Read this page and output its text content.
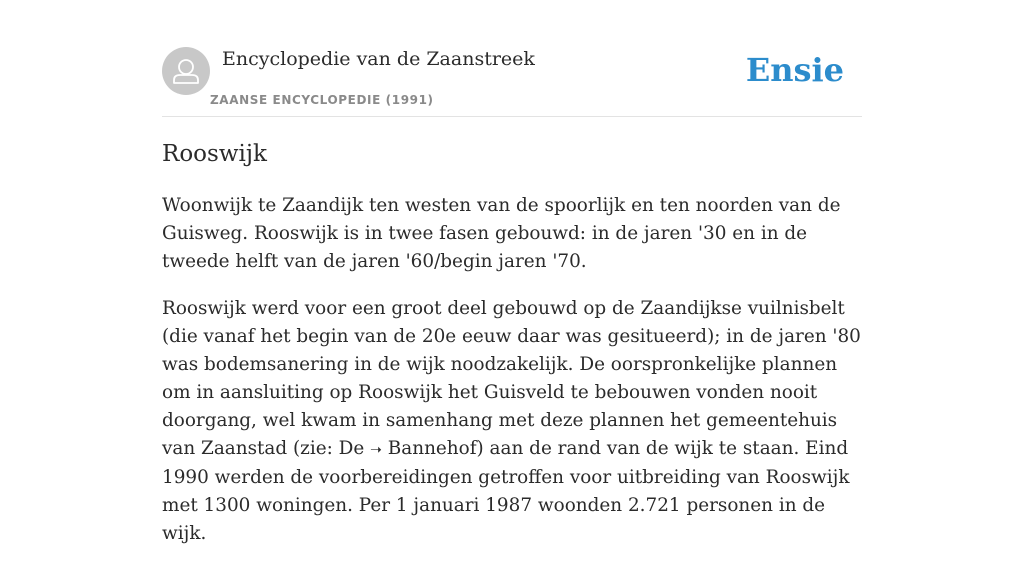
Encyclopedie van de Zaanstreek
ZAANSE ENCYCLOPEDIE (1991)
Ensie
Rooswijk

Woonwijk te Zaandijk ten westen van de spoorlijk en ten noorden van de Guisweg. Rooswijk is in twee fasen gebouwd: in de jaren '30 en in de tweede helft van de jaren '60/begin jaren '70.

Rooswijk werd voor een groot deel gebouwd op de Zaandijkse vuilnisbelt (die vanaf het begin van de 20e eeuw daar was gesitueerd); in de jaren '80 was bodemsanering in de wijk noodzakelijk. De oorspronkelijke plannen om in aansluiting op Rooswijk het Guisveld te bebouwen vonden nooit doorgang, wel kwam in samenhang met deze plannen het gemeentehuis van Zaanstad (zie: De ➝ Bannehof) aan de rand van de wijk te staan. Eind 1990 werden de voorbereidingen getroffen voor uitbreiding van Rooswijk met 1300 woningen. Per 1 januari 1987 woonden 2.721 personen in de wijk.
